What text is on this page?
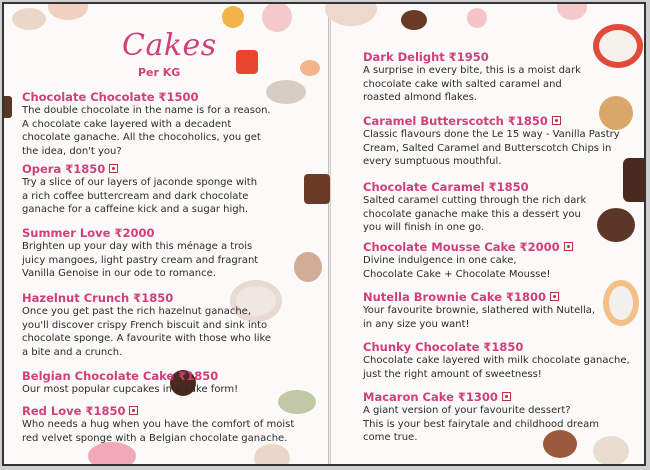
Cakes
Per KG
Chocolate Chocolate ₹1500
The double chocolate in the name is for a reason.
A chocolate cake layered with a decadent
chocolate ganache. All the chocoholics, you get
the idea, don't you?
Opera ₹1850
Try a slice of our layers of jaconde sponge with
a rich coffee buttercream and dark chocolate
ganache for a caffeine kick and a sugar high.
Summer Love ₹2000
Brighten up your day with this ménage a trois
juicy mangoes, light pastry cream and fragrant
Vanilla Genoise in our ode to romance.
Hazelnut Crunch ₹1850
Once you get past the rich hazelnut ganache,
you'll discover crispy French biscuit and sink into
chocolate sponge. A favourite with those who like
a bite and a crunch.
Belgian Chocolate Cake ₹1850
Our most popular cupcakes in a cake form!
Red Love ₹1850
Who needs a hug when you have the comfort of moist
red velvet sponge with a Belgian chocolate ganache.
Dark Delight ₹1950
A surprise in every bite, this is a moist dark
chocolate cake with salted caramel and
roasted almond flakes.
Caramel Butterscotch ₹1850
Classic flavours done the Le 15 way - Vanilla Pastry
Cream, Salted Caramel and Butterscotch Chips in
every sumptuous mouthful.
Chocolate Caramel ₹1850
Salted caramel cutting through the rich dark
chocolate ganache make this a dessert you
you will finish in one go.
Chocolate Mousse Cake ₹2000
Divine indulgence in one cake,
Chocolate Cake + Chocolate Mousse!
Nutella Brownie Cake ₹1800
Your favourite brownie, slathered with Nutella,
in any size you want!
Chunky Chocolate ₹1850
Chocolate cake layered with milk chocolate ganache,
just the right amount of sweetness!
Macaron Cake ₹1300
A giant version of your favourite dessert?
This is your best fairytale and childhood dream
come true.
